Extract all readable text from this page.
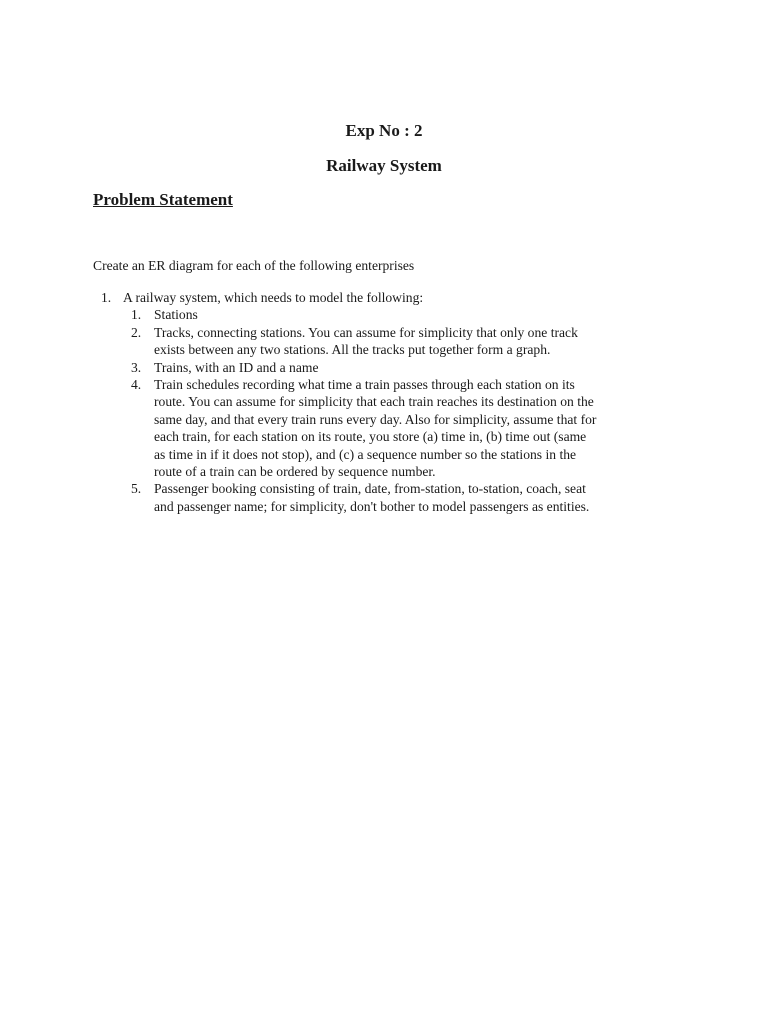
Exp No : 2
Railway System
Problem Statement
Create an ER diagram for each of the following enterprises
1. A railway system, which needs to model the following:
1. Stations
2. Tracks, connecting stations. You can assume for simplicity that only one track
exists between any two stations. All the tracks put together form a graph.
3. Trains, with an ID and a name
4. Train schedules recording what time a train passes through each station on its
route. You can assume for simplicity that each train reaches its destination on the
same day, and that every train runs every day. Also for simplicity, assume that for
each train, for each station on its route, you store (a) time in, (b) time out (same
as time in if it does not stop), and (c) a sequence number so the stations in the
route of a train can be ordered by sequence number.
5. Passenger booking consisting of train, date, from-station, to-station, coach, seat
and passenger name; for simplicity, don't bother to model passengers as entities.
